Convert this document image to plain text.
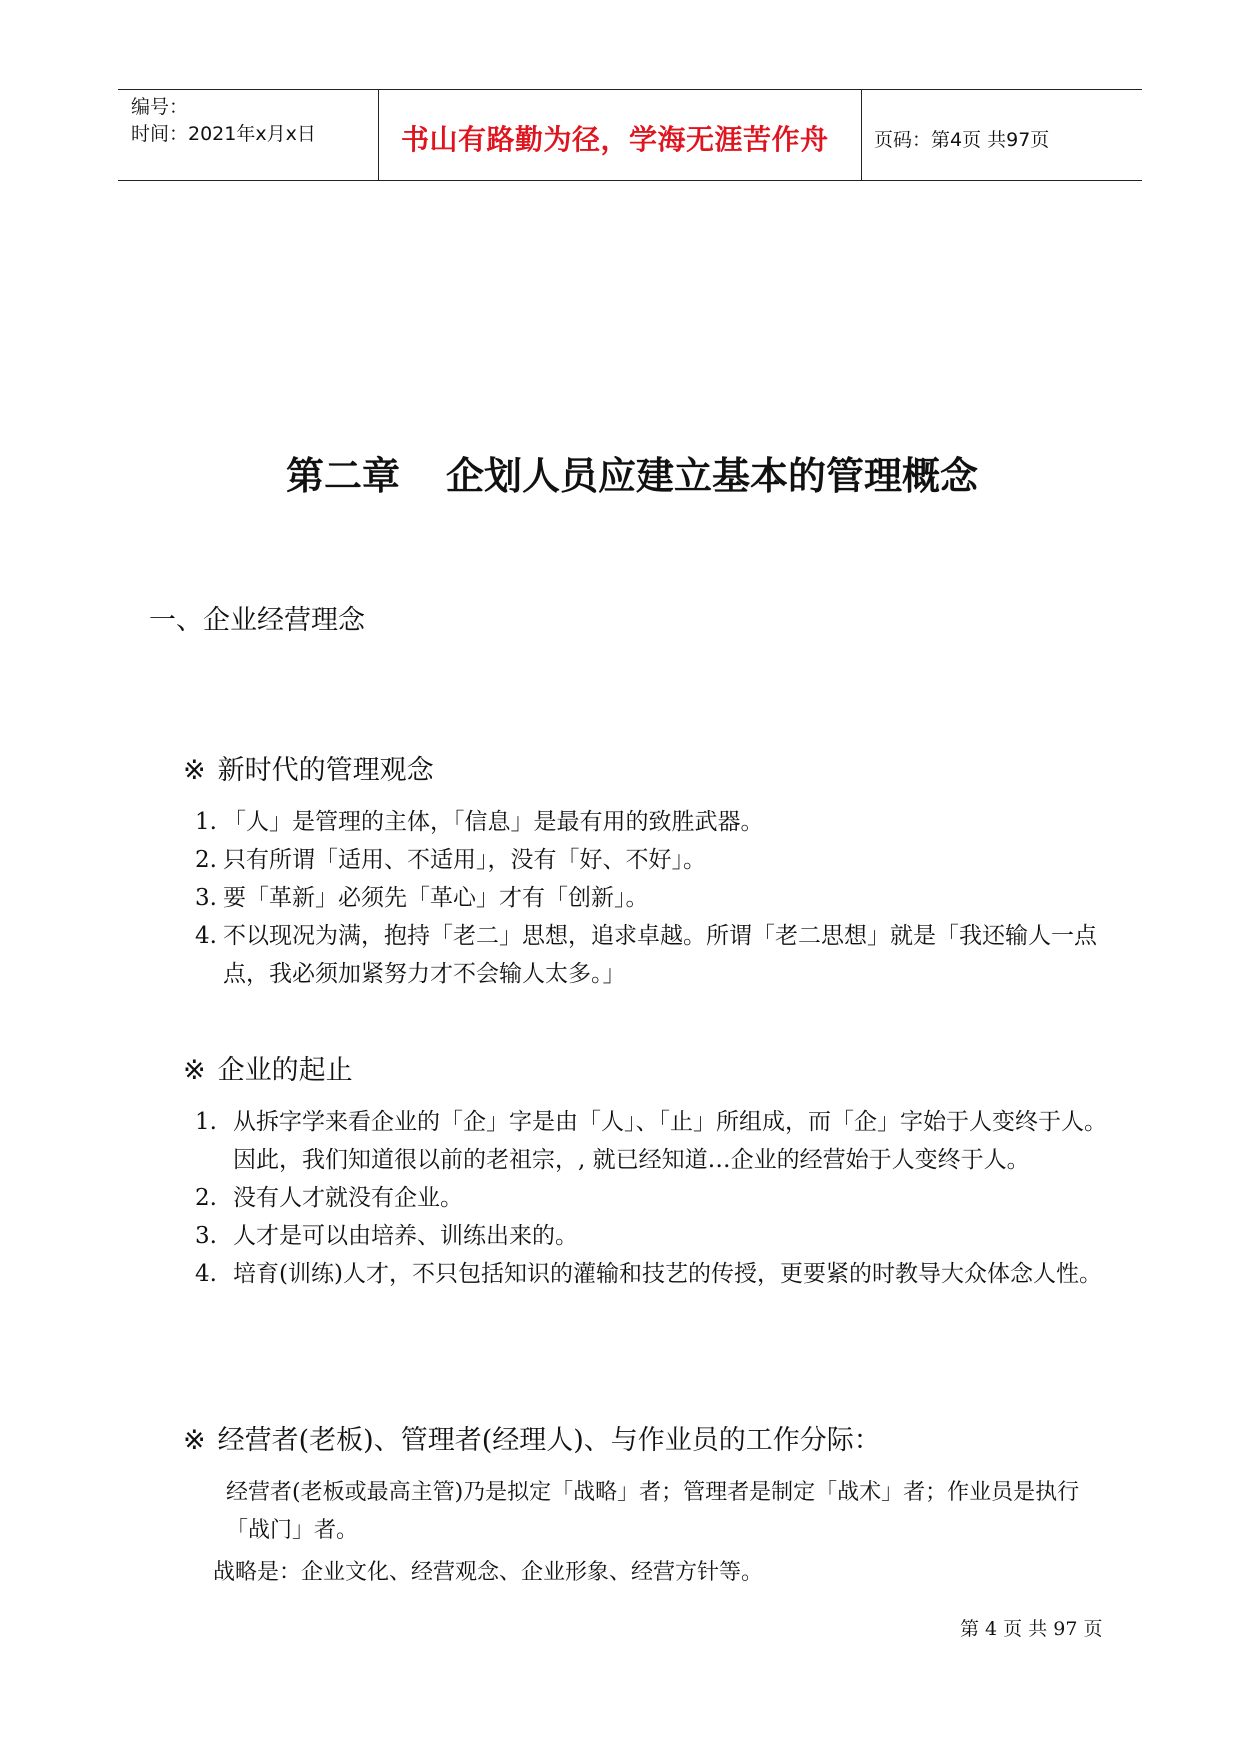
编号：
时间：2021年x月x日	书山有路勤为径，学海无涯苦作舟 页码：第4页 共97页
第二章 企划人员应建立基本的管理概念
一、企业经营理念
※ 新时代的管理观念
1. 「人」是管理的主体，「信息」是最有用的致胜武器。
2. 只有所谓「适用、不适用」，没有「好、不好」。
3. 要「革新」必须先「革心」才有「创新」。
4. 不以现况为满，抱持「老二」思想，追求卓越。所谓「老二思想」就是「我还输人一点点，我必须加紧努力才不会输人太多。」
※ 企业的起止
1. 从拆字学来看企业的「企」字是由「人」、「止」所组成，而「企」字始于人变终于人。因此，我们知道很以前的老祖宗，, 就已经知道…企业的经营始于人变终于人。
2. 没有人才就没有企业。
3. 人才是可以由培养、训练出来的。
4. 培育(训练)人才，不只包括知识的灌输和技艺的传授，更要紧的时教导大众体念人性。
※ 经营者(老板)、管理者(经理人)、与作业员的工作分际：
经营者(老板或最高主管)乃是拟定「战略」者；管理者是制定「战术」者；作业员是执行「战门」者。
战略是：企业文化、经营观念、企业形象、经营方针等。
第 4 页 共 97 页
